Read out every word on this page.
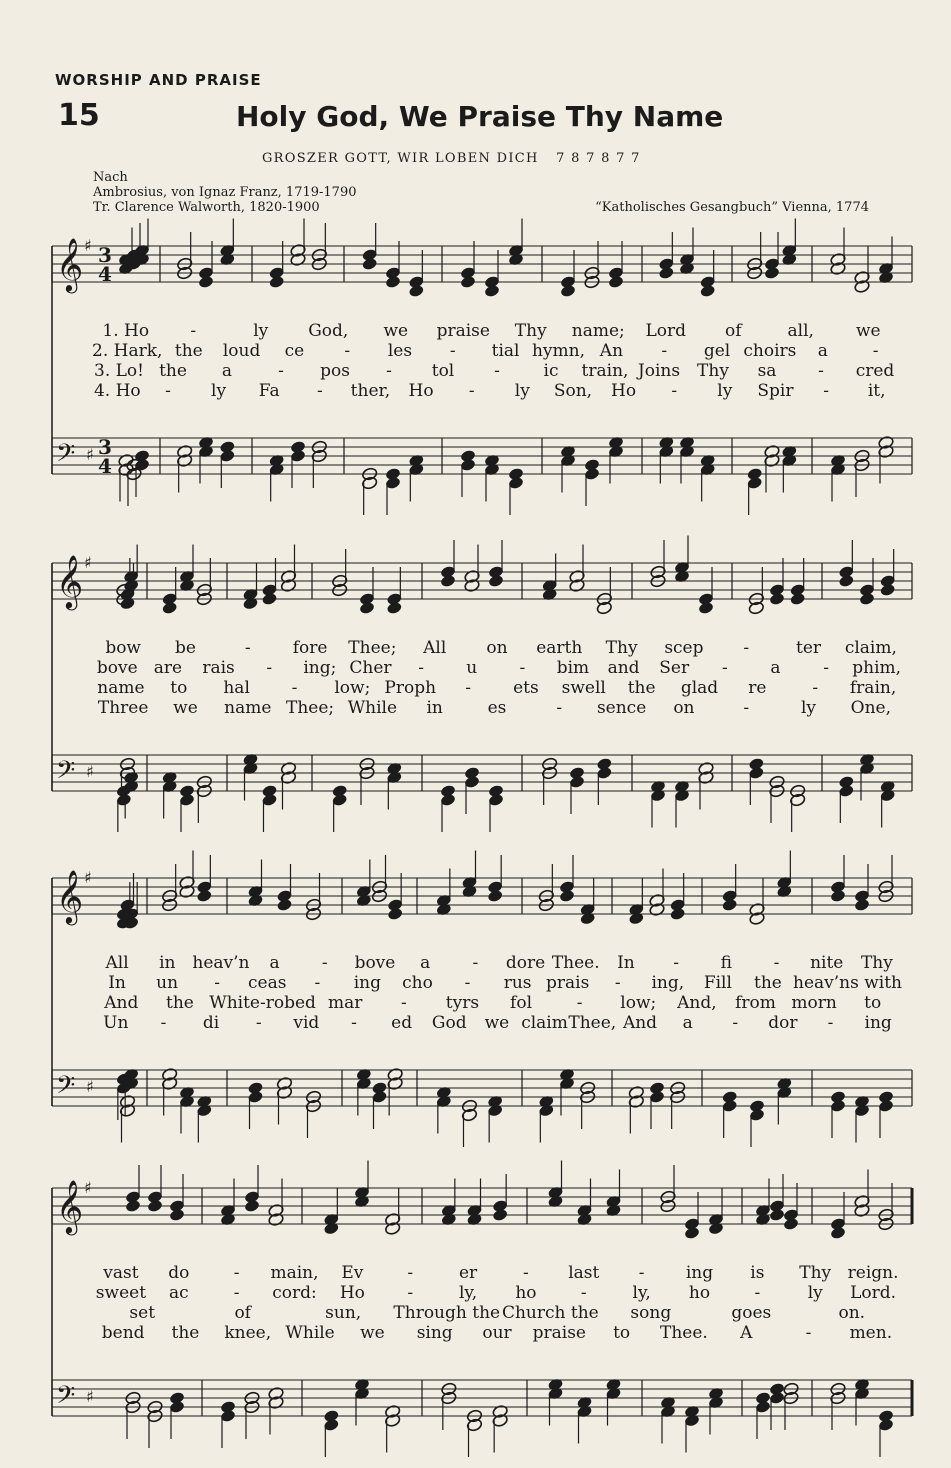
WORSHIP AND PRAISE
15	Holy God, We Praise Thy Name
GROSZER GOTT, WIR LOBEN DICH 7 8 7 8 7 7
Nach
Ambrosius, von Ignaz Franz, 1719-1790
Tr. Clarence Walworth, 1820-1900	“Katholisches Gesangbuch” Vienna, 1774
𝄞 ♯ 3
4
𝄢 ♯ 3
4
1. Ho	-	ly	God,	we	praise	Thy	name;	Lord	of	all,	we
2. Hark, the	loud	ce	-	les	-	tial hymn, An	-	gel choirs	a	-
3. Lo! the	a	-	pos	-	tol	-	ic	train, Joins Thy	sa	-	cred
4. Ho	-	ly	Fa	-	ther,	Ho	-	ly	Son,	Ho	-	ly	Spir	-	it,
𝄞 ♯
𝄢 ♯
bow	be	-	fore	Thee;	All	on	earth	Thy	scep	-	ter	claim,
bove are	rais	-	ing; Cher	-	u	-	bim	and	Ser	-	a	-	phim,
name	to	hal	-	low; Proph	-	ets	swell	the	glad	re	-	frain,
Three	we	name Thee; While	in	es	-	sence	on	-	ly	One,
𝄞 ♯
𝄢 ♯
All	in heav’n	a	-	bove	a	-	dore Thee.	In	-	fi	-	nite	Thy
In	un	-	ceas	-	ing	cho	-	rus prais	-	ing,	Fill	the heav’ns with
And	the White-robed mar	-	tyrs	fol	-	low;	And,	from morn	to
Un	-	di	-	vid	-	ed	God	we claim Thee, And	a	-	dor	-	ing
𝄞 ♯
𝄢 ♯
vast	do	-	main,	Ev	-	er	-	last	-	ing	is	Thy reign.
sweet	ac	-	cord:	Ho	-	ly,	ho	-	ly,	ho	-	ly	Lord.
set	of	sun,	Through the Church the	song	goes	on.
bend	the	knee, While	we	sing	our	praise	to	Thee.	A	-	men.
